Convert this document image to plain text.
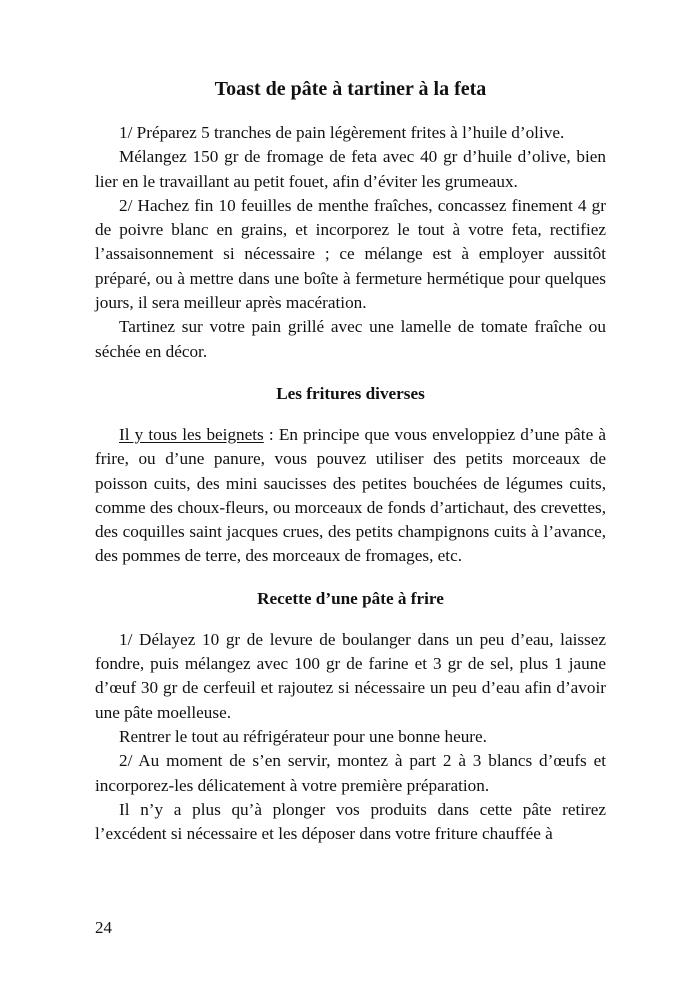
Toast de pâte à tartiner à la feta

1/ Préparez 5 tranches de pain légèrement frites à l’huile d’olive.

Mélangez 150 gr de fromage de feta avec 40 gr d’huile d’olive, bien lier en le travaillant au petit fouet, afin d’éviter les grumeaux.

2/ Hachez fin 10 feuilles de menthe fraîches, concassez finement 4 gr de poivre blanc en grains, et incorporez le tout à votre feta, rectifiez l’assaisonnement si nécessaire ; ce mélange est à employer aussitôt préparé, ou à mettre dans une boîte à fermeture hermétique pour quelques jours, il sera meilleur après macération.

Tartinez sur votre pain grillé avec une lamelle de tomate fraîche ou séchée en décor.

Les fritures diverses

Il y tous les beignets : En principe que vous enveloppiez d’une pâte à frire, ou d’une panure, vous pouvez utiliser des petits morceaux de poisson cuits, des mini saucisses des petites bouchées de légumes cuits, comme des choux-fleurs, ou morceaux de fonds d’artichaut, des crevettes, des coquilles saint jacques crues, des petits champignons cuits à l’avance, des pommes de terre, des morceaux de fromages, etc.

Recette d’une pâte à frire

1/ Délayez 10 gr de levure de boulanger dans un peu d’eau, laissez fondre, puis mélangez avec 100 gr de farine et 3 gr de sel, plus 1 jaune d’œuf 30 gr de cerfeuil et rajoutez si nécessaire un peu d’eau afin d’avoir une pâte moelleuse.

Rentrer le tout au réfrigérateur pour une bonne heure.

2/ Au moment de s’en servir, montez à part 2 à 3 blancs d’œufs et incorporez-les délicatement à votre première préparation.

Il n’y a plus qu’à plonger vos produits dans cette pâte retirez l’excédent si nécessaire et les déposer dans votre friture chauffée à

24
